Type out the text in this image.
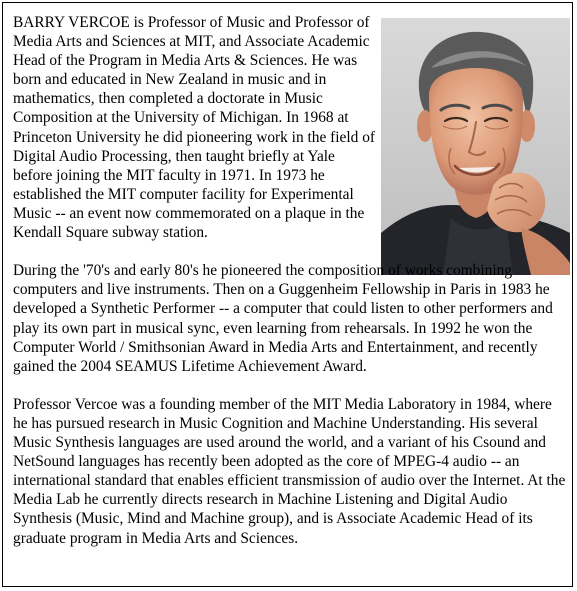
BARRY VERCOE is Professor of Music and Professor of Media Arts and Sciences at MIT, and Associate Academic Head of the Program in Media Arts & Sciences. He was born and educated in New Zealand in music and in mathematics, then completed a doctorate in Music Composition at the University of Michigan. In 1968 at Princeton University he did pioneering work in the field of Digital Audio Processing, then taught briefly at Yale before joining the MIT faculty in 1971. In 1973 he established the MIT computer facility for Experimental Music -- an event now commemorated on a plaque in the Kendall Square subway station.

During the '70's and early 80's he pioneered the composition of works combining computers and live instruments. Then on a Guggenheim Fellowship in Paris in 1983 he developed a Synthetic Performer -- a computer that could listen to other performers and play its own part in musical sync, even learning from rehearsals. In 1992 he won the Computer World / Smithsonian Award in Media Arts and Entertainment, and recently gained the 2004 SEAMUS Lifetime Achievement Award.

Professor Vercoe was a founding member of the MIT Media Laboratory in 1984, where he has pursued research in Music Cognition and Machine Understanding. His several Music Synthesis languages are used around the world, and a variant of his Csound and NetSound languages has recently been adopted as the core of MPEG-4 audio -- an international standard that enables efficient transmission of audio over the Internet. At the Media Lab he currently directs research in Machine Listening and Digital Audio Synthesis (Music, Mind and Machine group), and is Associate Academic Head of its graduate program in Media Arts and Sciences.
